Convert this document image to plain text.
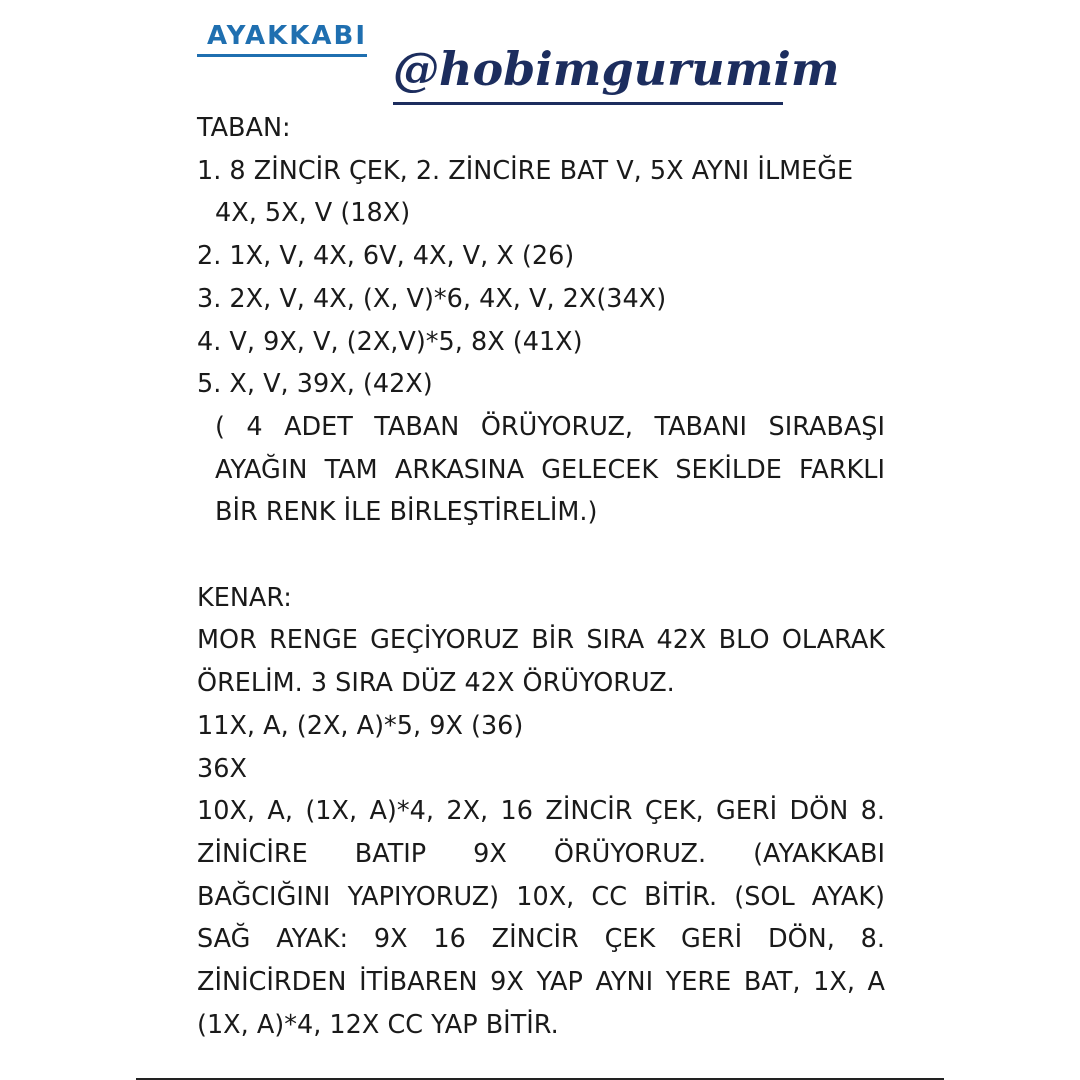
AYAKKABI
@hobimgurumim
TABAN:
1. 8 ZİNCİR ÇEK, 2. ZİNCİRE BAT V, 5X AYNI İLMEĞE
4X, 5X, V (18X)
2. 1X, V, 4X, 6V, 4X, V, X (26)
3. 2X, V, 4X, (X, V)*6, 4X, V, 2X(34X)
4. V, 9X, V, (2X,V)*5, 8X (41X)
5. X, V, 39X, (42X)
( 4 ADET TABAN ÖRÜYORUZ, TABANI SIRABAŞI
AYAĞIN TAM ARKASINA GELECEK SEKİLDE FARKLI
BİR RENK İLE BİRLEŞTİRELİM.)
KENAR:
MOR RENGE GEÇİYORUZ BİR SIRA 42X BLO OLARAK
ÖRELİM. 3 SIRA DÜZ 42X ÖRÜYORUZ.
11X, A, (2X, A)*5, 9X (36)
36X
10X, A, (1X, A)*4, 2X, 16 ZİNCİR ÇEK, GERİ DÖN 8.
ZİNİCİRE BATIP 9X ÖRÜYORUZ. (AYAKKABI
BAĞCIĞINI YAPIYORUZ) 10X, CC BİTİR. (SOL AYAK)
SAĞ AYAK: 9X 16 ZİNCİR ÇEK GERİ DÖN, 8.
ZİNİCİRDEN İTİBAREN 9X YAP AYNI YERE BAT, 1X, A
(1X, A)*4, 12X CC YAP BİTİR.
